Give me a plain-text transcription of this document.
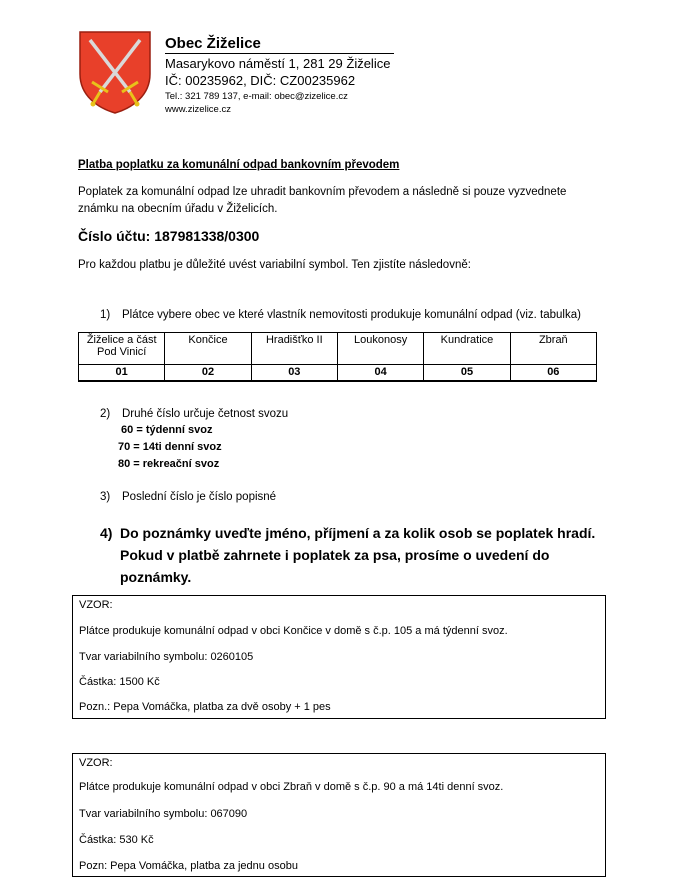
Obec Žiželice
Masarykovo náměstí 1, 281 29 Žiželice
IČ: 00235962, DIČ: CZ00235962
Tel.: 321 789 137, e-mail: obec@zizelice.cz
www.zizelice.cz
Platba poplatku za komunální odpad bankovním převodem
Poplatek za komunální odpad lze uhradit bankovním převodem a následně si pouze vyzvednete známku na obecním úřadu v Žiželicích.
Číslo účtu: 187981338/0300
Pro každou platbu je důležité uvést variabilní symbol. Ten zjistíte následovně:
1) Plátce vybere obec ve které vlastník nemovitosti produkuje komunální odpad (viz. tabulka)
Žiželice a část Pod Vinicí	Končice	Hradišťko II	Loukonosy	Kundratice	Zbraň
01	02	03	04	05	06
2) Druhé číslo určuje četnost svozu
60 = týdenní svoz
70 = 14ti denní svoz
80 = rekreační svoz
3) Poslední číslo je číslo popisné
4) Do poznámky uveďte jméno, příjmení a za kolik osob se poplatek hradí. Pokud v platbě zahrnete i poplatek za psa, prosíme o uvedení do poznámky.
VZOR:
Plátce produkuje komunální odpad v obci Končice v domě s č.p. 105 a má týdenní svoz.
Tvar variabilního symbolu: 0260105
Částka: 1500 Kč
Pozn.: Pepa Vomáčka, platba za dvě osoby + 1 pes
VZOR:
Plátce produkuje komunální odpad v obci Zbraň v domě s č.p. 90 a má 14ti denní svoz.
Tvar variabilního symbolu: 067090
Částka: 530 Kč
Pozn: Pepa Vomáčka, platba za jednu osobu
